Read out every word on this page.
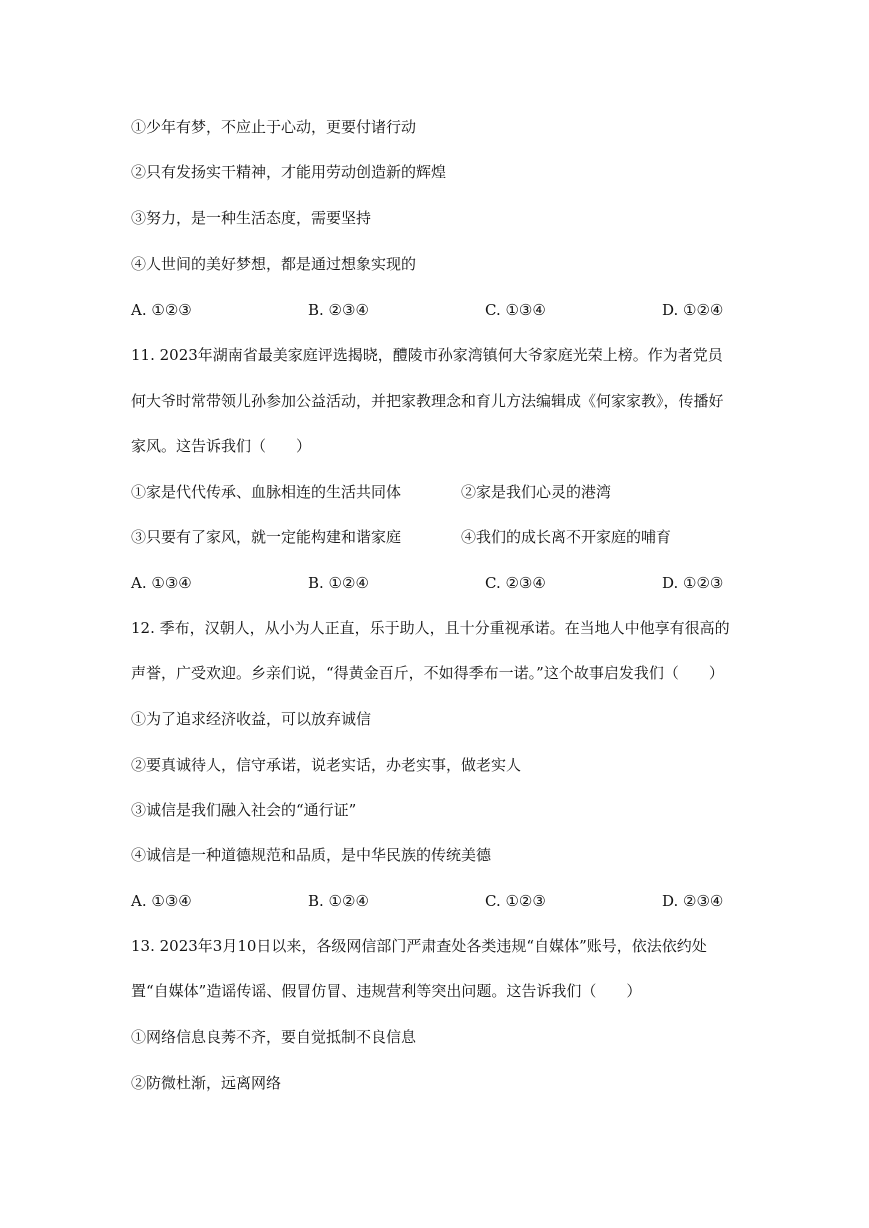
①少年有梦，不应止于心动，更要付诸行动
②只有发扬实干精神，才能用劳动创造新的辉煌
③努力，是一种生活态度，需要坚持
④人世间的美好梦想，都是通过想象实现的
A. ①②③	B. ②③④	C. ①③④	D. ①②④
11. 2023年湖南省最美家庭评选揭晓，醴陵市孙家湾镇何大爷家庭光荣上榜。作为者党员
何大爷时常带领儿孙参加公益活动，并把家教理念和育儿方法编辑成《何家家教》，传播好
家风。这告诉我们（　　）
①家是代代传承、血脉相连的生活共同体	②家是我们心灵的港湾
③只要有了家风，就一定能构建和谐家庭	④我们的成长离不开家庭的哺育
A. ①③④	B. ①②④	C. ②③④	D. ①②③
12. 季布，汉朝人，从小为人正直，乐于助人，且十分重视承诺。在当地人中他享有很高的
声誉，广受欢迎。乡亲们说，“得黄金百斤，不如得季布一诺。”这个故事启发我们（　　）
①为了追求经济收益，可以放弃诚信
②要真诚待人，信守承诺，说老实话，办老实事，做老实人
③诚信是我们融入社会的“通行证”
④诚信是一种道德规范和品质，是中华民族的传统美德
A. ①③④	B. ①②④	C. ①②③	D. ②③④
13. 2023年3月10日以来，各级网信部门严肃查处各类违规“自媒体”账号，依法依约处
置“自媒体”造谣传谣、假冒仿冒、违规营利等突出问题。这告诉我们（　　）
①网络信息良莠不齐，要自觉抵制不良信息
②防微杜渐，远离网络
